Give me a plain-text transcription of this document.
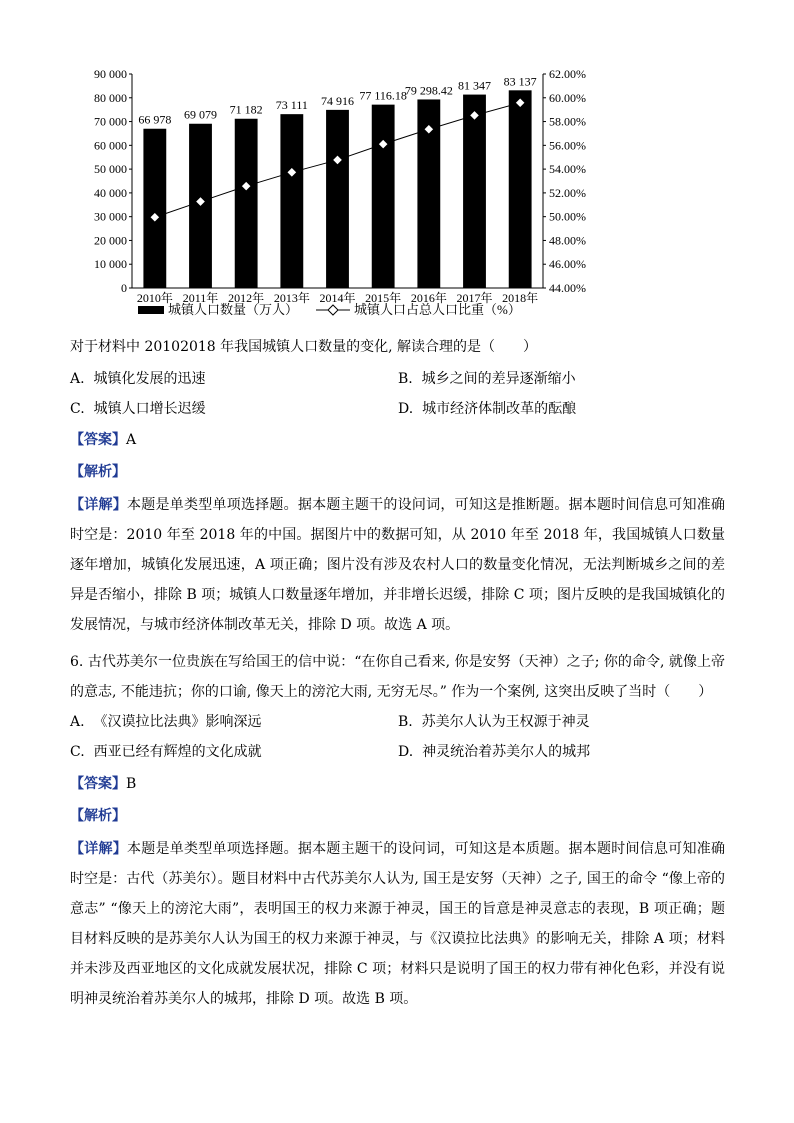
0
10 000
20 000
30 000
40 000
50 000
60 000
70 000
80 000
90 000
44.00%
46.00%
48.00%
50.00%
52.00%
54.00%
56.00%
58.00%
60.00%
62.00%
66 978
2010年
69 079
2011年
71 182
2012年
73 111
2013年
74 916
2014年
77 116.18
2015年
79 298.42
2016年
81 347
2017年
83 137
2018年
城镇人口数量（万人）	城镇人口占总人口比重（%）
对于材料中 20102018 年我国城镇人口数量的变化, 解读合理的是（　　）
A. 城镇化发展的迅速	B. 城乡之间的差异逐渐缩小
C. 城镇人口增长迟缓	D. 城市经济体制改革的酝酿
【答案】A
【解析】
【详解】本题是单类型单项选择题。据本题主题干的设问词，可知这是推断题。据本题时间信息可知准确时空是：2010 年至 2018 年的中国。据图片中的数据可知，从 2010 年至 2018 年，我国城镇人口数量逐年增加，城镇化发展迅速，A 项正确；图片没有涉及农村人口的数量变化情况，无法判断城乡之间的差异是否缩小，排除 B 项；城镇人口数量逐年增加，并非增长迟缓，排除 C 项；图片反映的是我国城镇化的发展情况，与城市经济体制改革无关，排除 D 项。故选 A 项。
6. 古代苏美尔一位贵族在写给国王的信中说：“在你自己看来, 你是安努（天神）之子; 你的命令, 就像上帝的意志, 不能违抗；你的口谕, 像天上的滂沱大雨, 无穷无尽。” 作为一个案例, 这突出反映了当时（　　）
A. 《汉谟拉比法典》影响深远	B. 苏美尔人认为王权源于神灵
C. 西亚已经有辉煌的文化成就	D. 神灵统治着苏美尔人的城邦
【答案】B
【解析】
【详解】本题是单类型单项选择题。据本题主题干的设问词，可知这是本质题。据本题时间信息可知准确时空是：古代（苏美尔）。题目材料中古代苏美尔人认为, 国王是安努（天神）之子, 国王的命令 “像上帝的意志” “像天上的滂沱大雨”，表明国王的权力来源于神灵，国王的旨意是神灵意志的表现，B 项正确；题目材料反映的是苏美尔人认为国王的权力来源于神灵，与《汉谟拉比法典》的影响无关，排除 A 项；材料并未涉及西亚地区的文化成就发展状况，排除 C 项；材料只是说明了国王的权力带有神化色彩，并没有说明神灵统治着苏美尔人的城邦，排除 D 项。故选 B 项。
